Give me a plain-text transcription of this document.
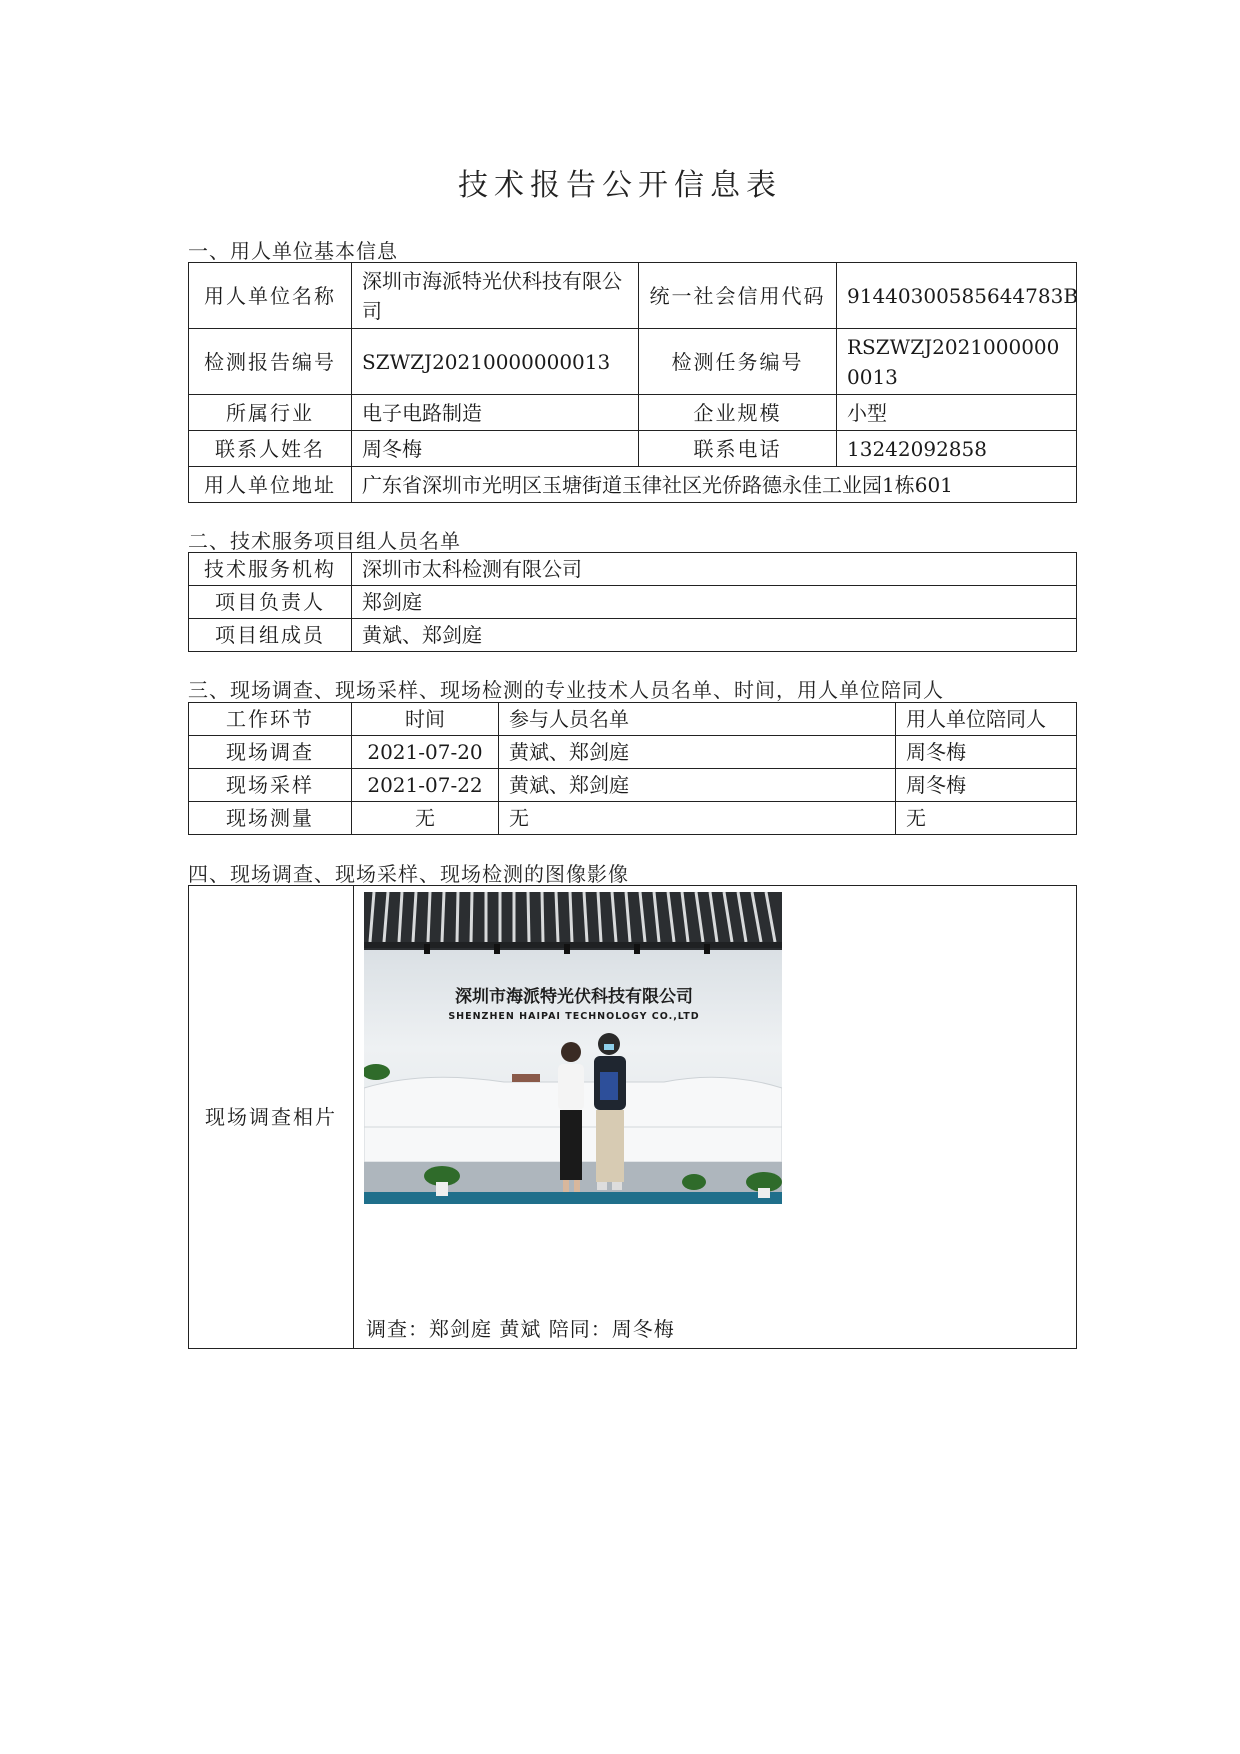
技术报告公开信息表
一、用人单位基本信息
用人单位名称	深圳市海派特光伏科技有限公司	统一社会信用代码	91440300585644783B
检测报告编号	SZWZJ20210000000013	检测任务编号	RSZWZJ20210000000013
所属行业	电子电路制造	企业规模	小型
联系人姓名	周冬梅	联系电话	13242092858
用人单位地址	广东省深圳市光明区玉塘街道玉律社区光侨路德永佳工业园1栋601		
二、技术服务项目组人员名单
技术服务机构	深圳市太科检测有限公司
项目负责人	郑剑庭
项目组成员	黄斌、郑剑庭
三、现场调查、现场采样、现场检测的专业技术人员名单、时间，用人单位陪同人
工作环节	时间	参与人员名单	用人单位陪同人
现场调查	2021-07-20	黄斌、郑剑庭	周冬梅
现场采样	2021-07-22	黄斌、郑剑庭	周冬梅
现场测量	无	无	无
四、现场调查、现场采样、现场检测的图像影像
现场调查相片	
深圳市海派特光伏科技有限公司
SHENZHEN HAIPAI TECHNOLOGY CO.,LTD
调查：郑剑庭 黄斌 陪同：周冬梅
